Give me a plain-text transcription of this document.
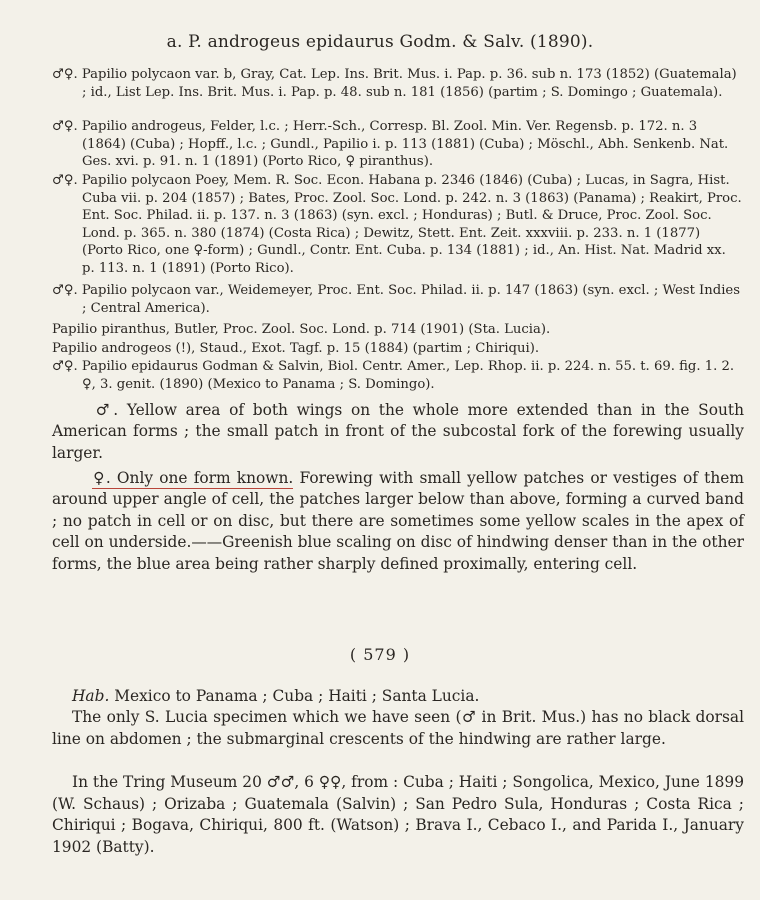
a. P. androgeus epidaurus Godm. & Salv. (1890).
♂♀. Papilio polycaon var. b, Gray, Cat. Lep. Ins. Brit. Mus. i. Pap. p. 36. sub n. 173 (1852) (Guatemala) ; id., List Lep. Ins. Brit. Mus. i. Pap. p. 48. sub n. 181 (1856) (partim ; S. Domingo ; Guatemala).
♂♀. Papilio androgeus, Felder, l.c. ; Herr.-Sch., Corresp. Bl. Zool. Min. Ver. Regensb. p. 172. n. 3 (1864) (Cuba) ; Hopff., l.c. ; Gundl., Papilio i. p. 113 (1881) (Cuba) ; Möschl., Abh. Senkenb. Nat. Ges. xvi. p. 91. n. 1 (1891) (Porto Rico, ♀ piranthus).
♂♀. Papilio polycaon Poey, Mem. R. Soc. Econ. Habana p. 2346 (1846) (Cuba) ; Lucas, in Sagra, Hist. Cuba vii. p. 204 (1857) ; Bates, Proc. Zool. Soc. Lond. p. 242. n. 3 (1863) (Panama) ; Reakirt, Proc. Ent. Soc. Philad. ii. p. 137. n. 3 (1863) (syn. excl. ; Honduras) ; Butl. & Druce, Proc. Zool. Soc. Lond. p. 365. n. 380 (1874) (Costa Rica) ; Dewitz, Stett. Ent. Zeit. xxxviii. p. 233. n. 1 (1877) (Porto Rico, one ♀-form) ; Gundl., Contr. Ent. Cuba. p. 134 (1881) ; id., An. Hist. Nat. Madrid xx. p. 113. n. 1 (1891) (Porto Rico).
♂♀. Papilio polycaon var., Weidemeyer, Proc. Ent. Soc. Philad. ii. p. 147 (1863) (syn. excl. ; West Indies ; Central America).
Papilio piranthus, Butler, Proc. Zool. Soc. Lond. p. 714 (1901) (Sta. Lucia).
Papilio androgeos (!), Staud., Exot. Tagf. p. 15 (1884) (partim ; Chiriqui).
♂♀. Papilio epidaurus Godman & Salvin, Biol. Centr. Amer., Lep. Rhop. ii. p. 224. n. 55. t. 69. fig. 1. 2. ♀, 3. genit. (1890) (Mexico to Panama ; S. Domingo).
♂. Yellow area of both wings on the whole more extended than in the South American forms ; the small patch in front of the subcostal fork of the forewing usually larger.
♀. Only one form known. Forewing with small yellow patches or vestiges of them around upper angle of cell, the patches larger below than above, forming a curved band ; no patch in cell or on disc, but there are sometimes some yellow scales in the apex of cell on underside.——Greenish blue scaling on disc of hindwing denser than in the other forms, the blue area being rather sharply defined proximally, entering cell.
( 579 )
Hab. Mexico to Panama ; Cuba ; Haiti ; Santa Lucia.
The only S. Lucia specimen which we have seen (♂ in Brit. Mus.) has no black dorsal line on abdomen ; the submarginal crescents of the hindwing are rather large.
In the Tring Museum 20 ♂♂, 6 ♀♀, from : Cuba ; Haiti ; Songolica, Mexico, June 1899 (W. Schaus) ; Orizaba ; Guatemala (Salvin) ; San Pedro Sula, Honduras ; Costa Rica ; Chiriqui ; Bogava, Chiriqui, 800 ft. (Watson) ; Brava I., Cebaco I., and Parida I., January 1902 (Batty).
